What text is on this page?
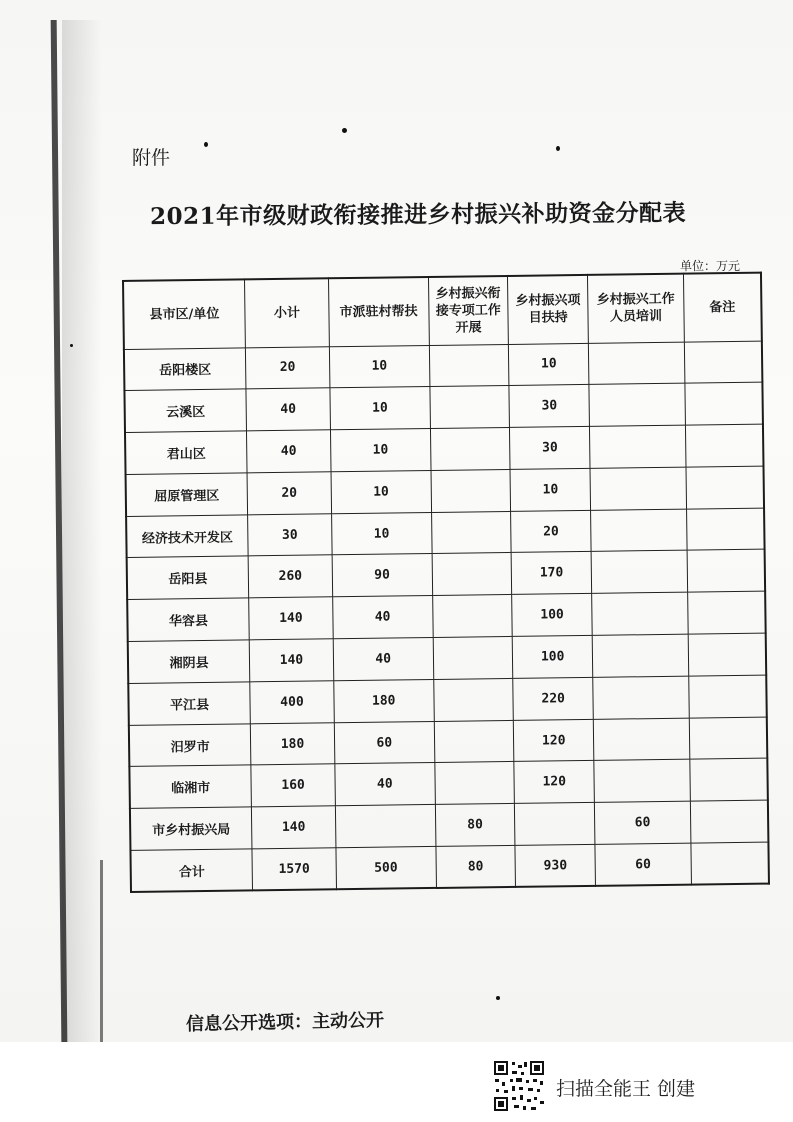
附件
2021年市级财政衔接推进乡村振兴补助资金分配表
单位：万元
县市区/单位	小计	市派驻村帮扶	乡村振兴衔接专项工作开展	乡村振兴项目扶持	乡村振兴工作人员培训	备注
岳阳楼区	20	10		10		
云溪区	40	10		30		
君山区	40	10		30		
屈原管理区	20	10		10		
经济技术开发区	30	10		20		
岳阳县	260	90		170		
华容县	140	40		100		
湘阴县	140	40		100		
平江县	400	180		220		
汨罗市	180	60		120		
临湘市	160	40		120		
市乡村振兴局	140		80		60	
合计	1570	500	80	930	60	
信息公开选项：主动公开
扫描全能王 创建
